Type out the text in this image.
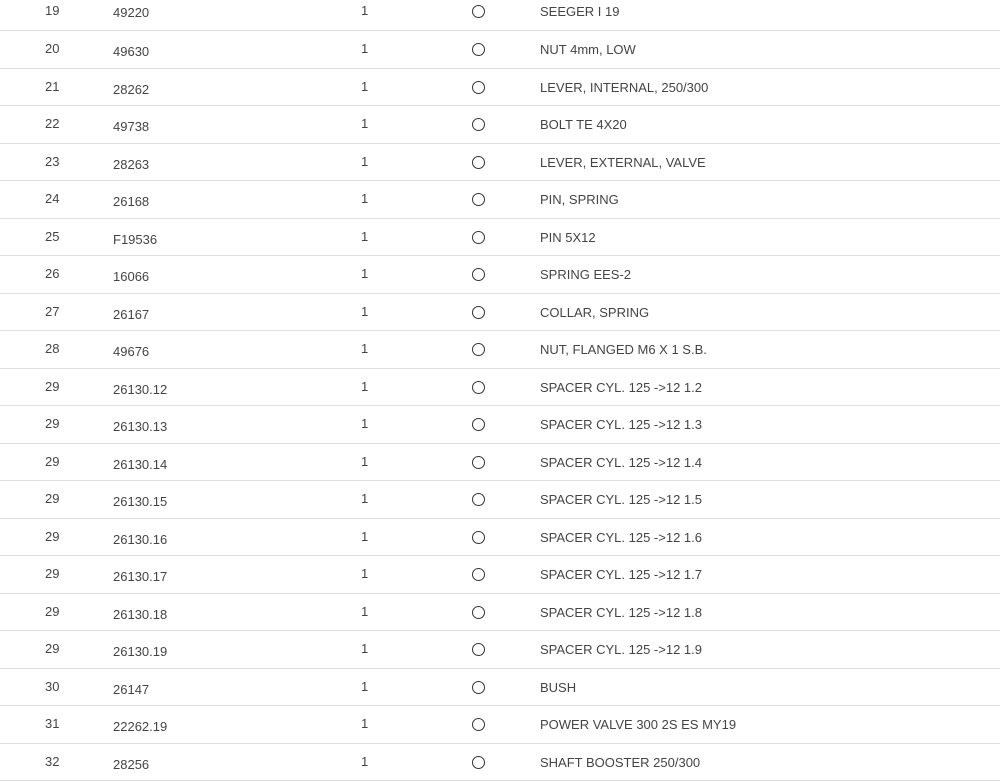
19	49220	1	SEEGER I 19
20	49630	1	NUT 4mm, LOW
21	28262	1	LEVER, INTERNAL, 250/300
22	49738	1	BOLT TE 4X20
23	28263	1	LEVER, EXTERNAL, VALVE
24	26168	1	PIN, SPRING
25	F19536	1	PIN 5X12
26	16066	1	SPRING EES-2
27	26167	1	COLLAR, SPRING
28	49676	1	NUT, FLANGED M6 X 1 S.B.
29	26130.12	1	SPACER CYL. 125 ->12 1.2
29	26130.13	1	SPACER CYL. 125 ->12 1.3
29	26130.14	1	SPACER CYL. 125 ->12 1.4
29	26130.15	1	SPACER CYL. 125 ->12 1.5
29	26130.16	1	SPACER CYL. 125 ->12 1.6
29	26130.17	1	SPACER CYL. 125 ->12 1.7
29	26130.18	1	SPACER CYL. 125 ->12 1.8
29	26130.19	1	SPACER CYL. 125 ->12 1.9
30	26147	1	BUSH
31	22262.19	1	POWER VALVE 300 2S ES MY19
32	28256	1	SHAFT BOOSTER 250/300
